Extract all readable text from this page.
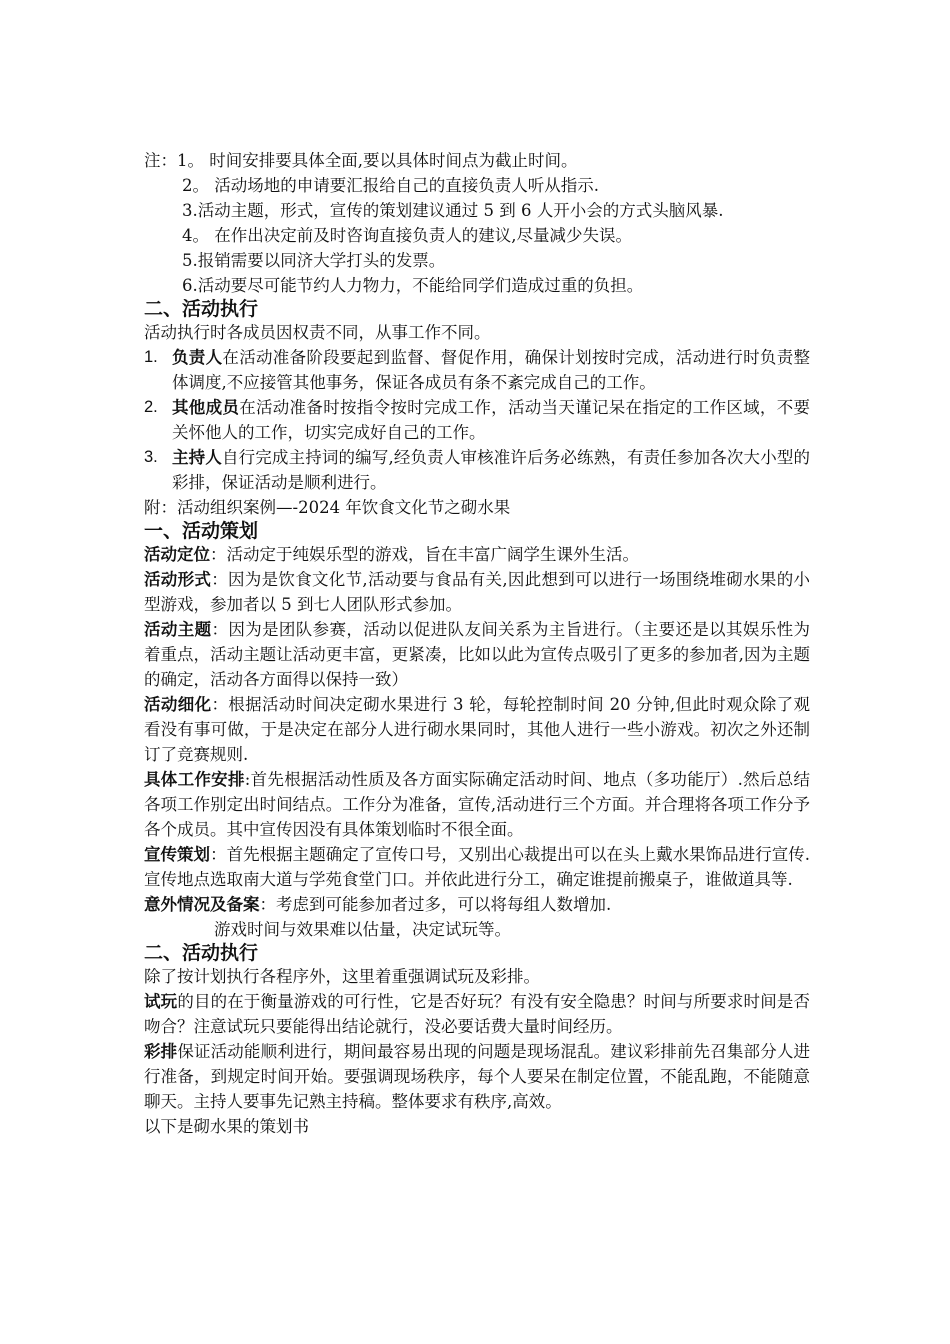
注：1。 时间安排要具体全面,要以具体时间点为截止时间。
2。 活动场地的申请要汇报给自己的直接负责人听从指示.
3.活动主题，形式，宣传的策划建议通过 5 到 6 人开小会的方式头脑风暴.
4。 在作出决定前及时咨询直接负责人的建议,尽量减少失误。
5.报销需要以同济大学打头的发票。
6.活动要尽可能节约人力物力，不能给同学们造成过重的负担。
二、活动执行
活动执行时各成员因权责不同，从事工作不同。
1. 负责人在活动准备阶段要起到监督、督促作用，确保计划按时完成，活动进行时负责整体调度,不应接管其他事务，保证各成员有条不紊完成自己的工作。
2. 其他成员在活动准备时按指令按时完成工作，活动当天谨记呆在指定的工作区域，不要关怀他人的工作，切实完成好自己的工作。
3. 主持人自行完成主持词的编写,经负责人审核准许后务必练熟，有责任参加各次大小型的彩排，保证活动是顺利进行。
附：活动组织案例—-2024 年饮食文化节之砌水果
一、活动策划

活动定位：活动定于纯娱乐型的游戏，旨在丰富广阔学生课外生活。

活动形式：因为是饮食文化节,活动要与食品有关,因此想到可以进行一场围绕堆砌水果的小型游戏，参加者以 5 到七人团队形式参加。

活动主题：因为是团队参赛，活动以促进队友间关系为主旨进行。（主要还是以其娱乐性为着重点，活动主题让活动更丰富，更紧凑，比如以此为宣传点吸引了更多的参加者,因为主题的确定，活动各方面得以保持一致）

活动细化：根据活动时间决定砌水果进行 3 轮，每轮控制时间 20 分钟,但此时观众除了观看没有事可做，于是决定在部分人进行砌水果同时，其他人进行一些小游戏。初次之外还制订了竞赛规则.

具体工作安排:首先根据活动性质及各方面实际确定活动时间、地点（多功能厅）.然后总结各项工作别定出时间结点。工作分为准备，宣传,活动进行三个方面。并合理将各项工作分予各个成员。其中宣传因没有具体策划临时不很全面。

宣传策划：首先根据主题确定了宣传口号，又别出心裁提出可以在头上戴水果饰品进行宣传.宣传地点选取南大道与学苑食堂门口。并依此进行分工，确定谁提前搬桌子，谁做道具等.

意外情况及备案：考虑到可能参加者过多，可以将每组人数增加.

游戏时间与效果难以估量，决定试玩等。
二、活动执行
除了按计划执行各程序外，这里着重强调试玩及彩排。

试玩的目的在于衡量游戏的可行性，它是否好玩？有没有安全隐患？时间与所要求时间是否吻合？注意试玩只要能得出结论就行，没必要话费大量时间经历。

彩排保证活动能顺利进行，期间最容易出现的问题是现场混乱。建议彩排前先召集部分人进行准备，到规定时间开始。要强调现场秩序，每个人要呆在制定位置，不能乱跑，不能随意聊天。主持人要事先记熟主持稿。整体要求有秩序,高效。

以下是砌水果的策划书
